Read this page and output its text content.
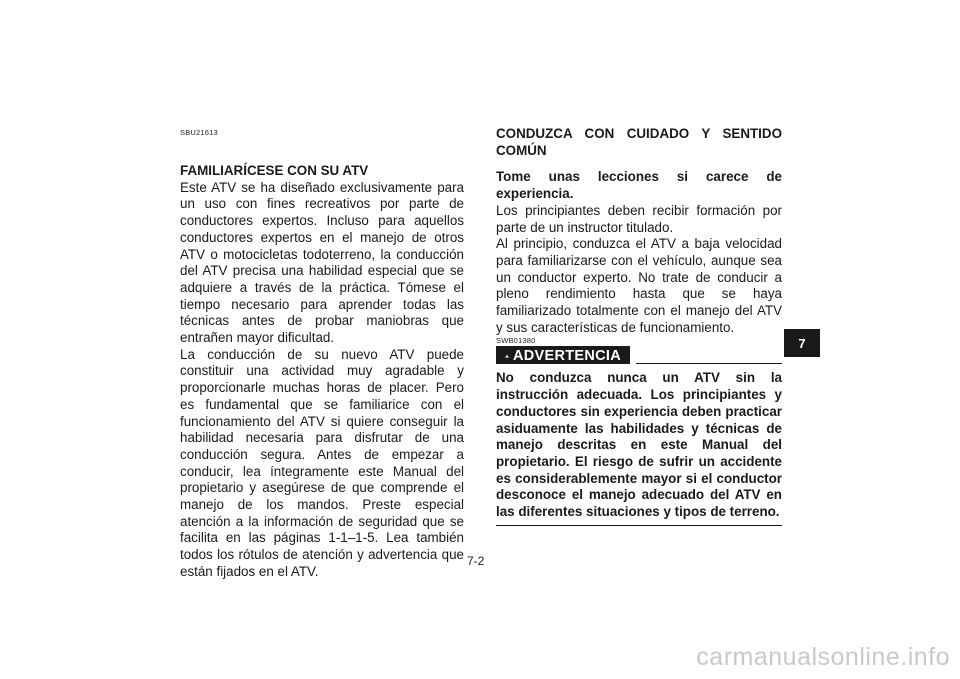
SBU21613

FAMILIARÍCESE CON SU ATV

Este ATV se ha diseñado exclusivamente para un uso con fines recreativos por parte de conductores expertos. Incluso para aquellos conductores expertos en el manejo de otros ATV o motocicletas todoterreno, la conducción del ATV precisa una habilidad especial que se adquiere a través de la práctica. Tómese el tiempo necesario para aprender todas las técnicas antes de probar maniobras que entrañen mayor dificultad.

La conducción de su nuevo ATV puede constituir una actividad muy agradable y proporcionarle muchas horas de placer. Pero es fundamental que se familiarice con el funcionamiento del ATV si quiere conseguir la habilidad necesaria para disfrutar de una conducción segura. Antes de empezar a conducir, lea íntegramente este Manual del propietario y asegúrese de que comprende el manejo de los mandos. Preste especial atención a la información de seguridad que se facilita en las páginas 1-1–1-5. Lea también todos los rótulos de atención y advertencia que están fijados en el ATV.

CONDUZCA CON CUIDADO Y SENTIDO COMÚN

Tome unas lecciones si carece de experiencia.

Los principiantes deben recibir formación por parte de un instructor titulado.

Al principio, conduzca el ATV a baja velocidad para familiarizarse con el vehículo, aunque sea un conductor experto. No trate de conducir a pleno rendimiento hasta que se haya familiarizado totalmente con el manejo del ATV y sus características de funcionamiento.

SWB01380
ADVERTENCIA

No conduzca nunca un ATV sin la instrucción adecuada. Los principiantes y conductores sin experiencia deben practicar asiduamente las habilidades y técnicas de manejo descritas en este Manual del propietario. El riesgo de sufrir un accidente es considerablemente mayor si el conductor desconoce el manejo adecuado del ATV en las diferentes situaciones y tipos de terreno.

7-2
7
carmanualsonline.info
